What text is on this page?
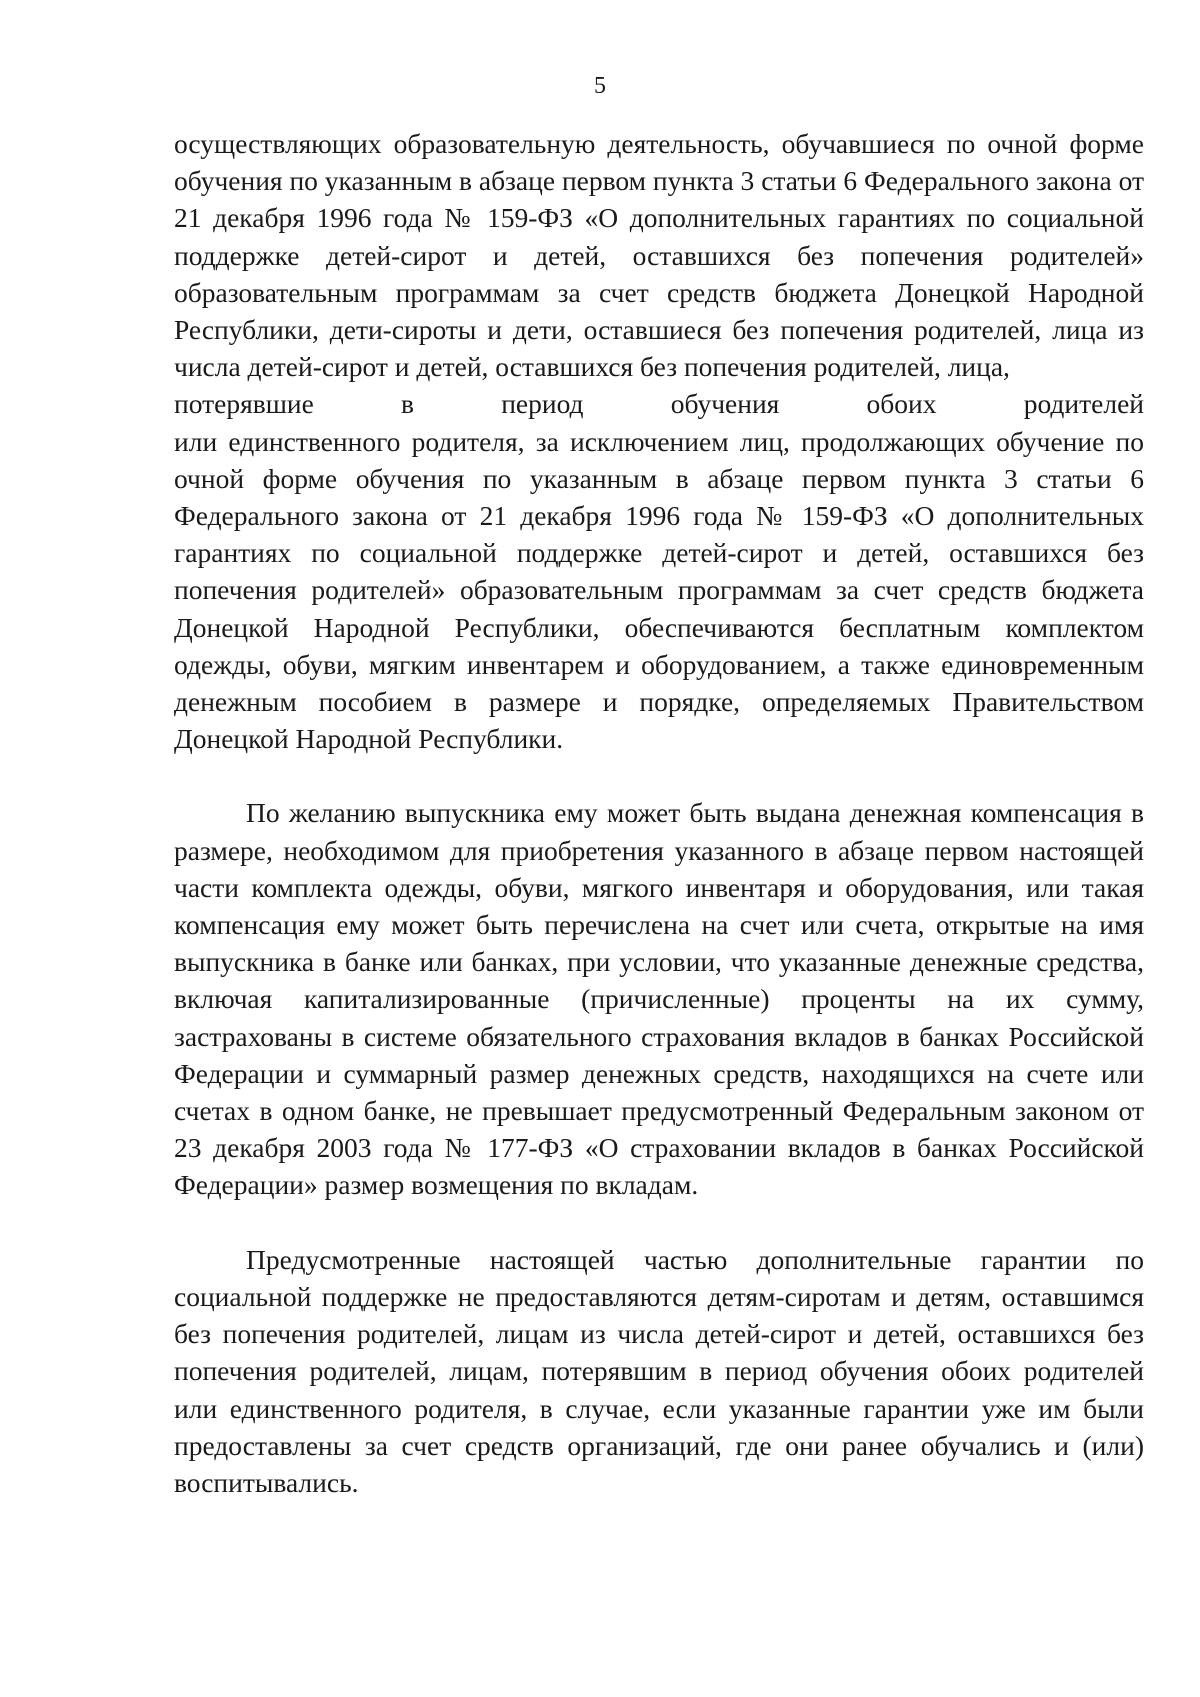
5

осуществляющих образовательную деятельность, обучавшиеся по очной форме обучения по указанным в абзаце первом пункта 3 статьи 6 Федерального закона от 21 декабря 1996 года № 159-ФЗ «О дополнительных гарантиях по социальной поддержке детей-сирот и детей, оставшихся без попечения родителей» образовательным программам за счет средств бюджета Донецкой Народной Республики, дети-сироты и дети, оставшиеся без попечения родителей, лица из числа детей-сирот и детей, оставшихся без попечения родителей, лица,
потерявшие в период обучения обоих родителей
или единственного родителя, за исключением лиц, продолжающих обучение по очной форме обучения по указанным в абзаце первом пункта 3 статьи 6 Федерального закона от 21 декабря 1996 года № 159-ФЗ «О дополнительных гарантиях по социальной поддержке детей-сирот и детей, оставшихся без попечения родителей» образовательным программам за счет средств бюджета Донецкой Народной Республики, обеспечиваются бесплатным комплектом одежды, обуви, мягким инвентарем и оборудованием, а также единовременным денежным пособием в размере и порядке, определяемых Правительством Донецкой Народной Республики.

По желанию выпускника ему может быть выдана денежная компенсация в размере, необходимом для приобретения указанного в абзаце первом настоящей части комплекта одежды, обуви, мягкого инвентаря и оборудования, или такая компенсация ему может быть перечислена на счет или счета, открытые на имя выпускника в банке или банках, при условии, что указанные денежные средства, включая капитализированные (причисленные) проценты на их сумму, застрахованы в системе обязательного страхования вкладов в банках Российской Федерации и суммарный размер денежных средств, находящихся на счете или счетах в одном банке, не превышает предусмотренный Федеральным законом от 23 декабря 2003 года № 177-ФЗ «О страховании вкладов в банках Российской Федерации» размер возмещения по вкладам.

Предусмотренные настоящей частью дополнительные гарантии по социальной поддержке не предоставляются детям-сиротам и детям, оставшимся без попечения родителей, лицам из числа детей-сирот и детей, оставшихся без попечения родителей, лицам, потерявшим в период обучения обоих родителей или единственного родителя, в случае, если указанные гарантии уже им были предоставлены за счет средств организаций, где они ранее обучались и (или) воспитывались.
